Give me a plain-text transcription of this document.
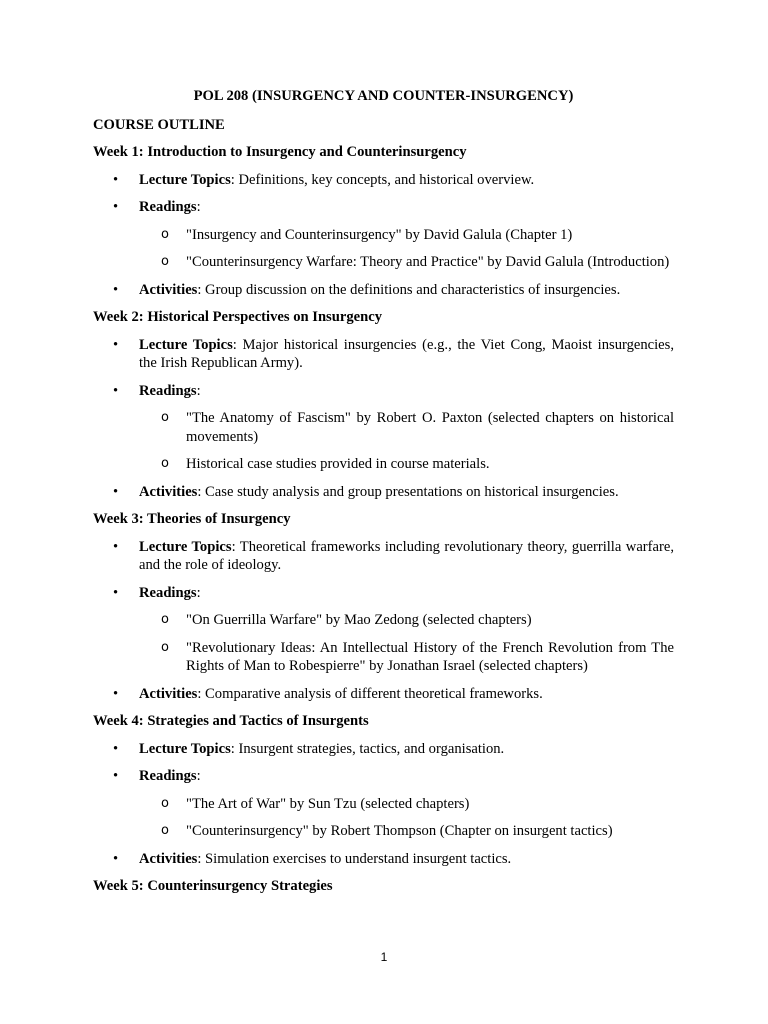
POL 208 (INSURGENCY AND COUNTER-INSURGENCY)
COURSE OUTLINE
Week 1: Introduction to Insurgency and Counterinsurgency
• Lecture Topics: Definitions, key concepts, and historical overview.
• Readings:
o "Insurgency and Counterinsurgency" by David Galula (Chapter 1)
o "Counterinsurgency Warfare: Theory and Practice" by David Galula (Introduction)
• Activities: Group discussion on the definitions and characteristics of insurgencies.
Week 2: Historical Perspectives on Insurgency
• Lecture Topics: Major historical insurgencies (e.g., the Viet Cong, Maoist insurgencies, the Irish Republican Army).
• Readings:
o "The Anatomy of Fascism" by Robert O. Paxton (selected chapters on historical movements)
o Historical case studies provided in course materials.
• Activities: Case study analysis and group presentations on historical insurgencies.
Week 3: Theories of Insurgency
• Lecture Topics: Theoretical frameworks including revolutionary theory, guerrilla warfare, and the role of ideology.
• Readings:
o "On Guerrilla Warfare" by Mao Zedong (selected chapters)
o "Revolutionary Ideas: An Intellectual History of the French Revolution from The Rights of Man to Robespierre" by Jonathan Israel (selected chapters)
• Activities: Comparative analysis of different theoretical frameworks.
Week 4: Strategies and Tactics of Insurgents
• Lecture Topics: Insurgent strategies, tactics, and organisation.
• Readings:
o "The Art of War" by Sun Tzu (selected chapters)
o "Counterinsurgency" by Robert Thompson (Chapter on insurgent tactics)
• Activities: Simulation exercises to understand insurgent tactics.
Week 5: Counterinsurgency Strategies
1
